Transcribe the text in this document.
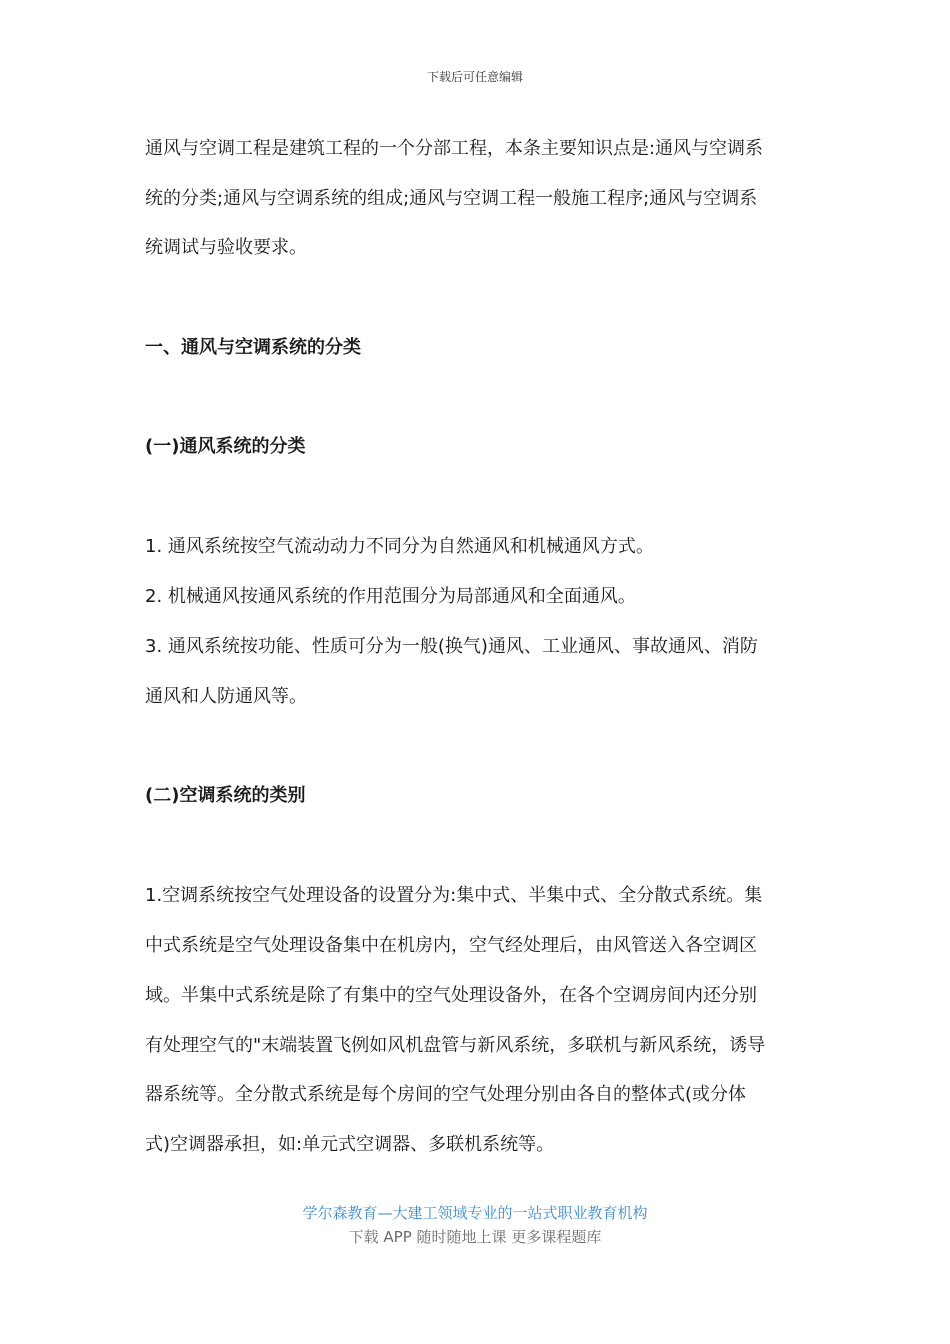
下载后可任意编辑
通风与空调工程是建筑工程的一个分部工程，本条主要知识点是:通风与空调系
统的分类;通风与空调系统的组成;通风与空调工程一般施工程序;通风与空调系
统调试与验收要求。
一、通风与空调系统的分类
(一)通风系统的分类
1. 通风系统按空气流动动力不同分为自然通风和机械通风方式。
2. 机械通风按通风系统的作用范围分为局部通风和全面通风。
3. 通风系统按功能、性质可分为一般(换气)通风、工业通风、事故通风、消防
通风和人防通风等。
(二)空调系统的类别
1.空调系统按空气处理设备的设置分为:集中式、半集中式、全分散式系统。集
中式系统是空气处理设备集中在机房内，空气经处理后，由风管送入各空调区
域。半集中式系统是除了有集中的空气处理设备外，在各个空调房间内还分别
有处理空气的"末端装置飞例如风机盘管与新风系统，多联机与新风系统，诱导
器系统等。全分散式系统是每个房间的空气处理分别由各自的整体式(或分体
式)空调器承担，如:单元式空调器、多联机系统等。
学尔森教育—大建工领域专业的一站式职业教育机构
下载 APP 随时随地上课 更多课程题库
